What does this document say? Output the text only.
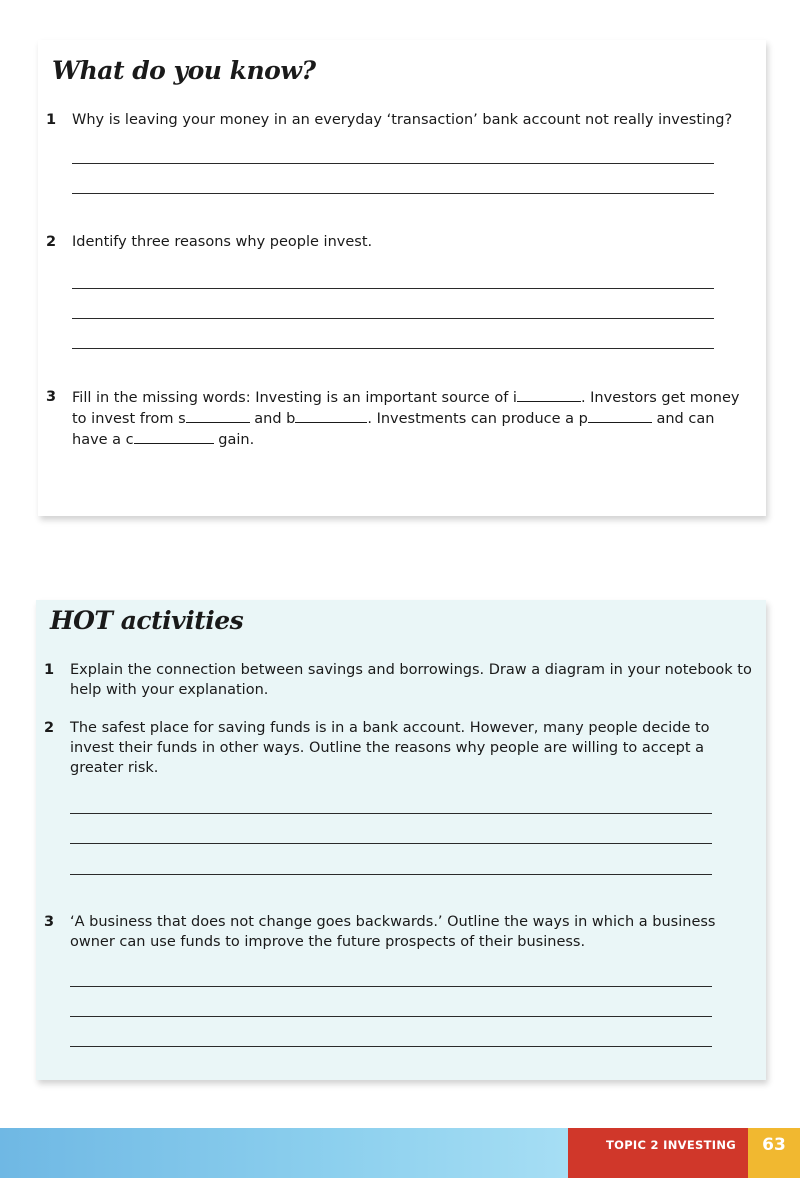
What do you know?
1 Why is leaving your money in an everyday ‘transaction’ bank account not really investing?
2 Identify three reasons why people invest.
3 Fill in the missing words: Investing is an important source of i	. Investors get money to invest from s	and b	. Investments can produce a p	and can have a c	gain.
HOT activities
1 Explain the connection between savings and borrowings. Draw a diagram in your notebook to help with your explanation.
2 The safest place for saving funds is in a bank account. However, many people decide to invest their funds in other ways. Outline the reasons why people are willing to accept a greater risk.
3 ‘A business that does not change goes backwards.’ Outline the ways in which a business owner can use funds to improve the future prospects of their business.
TOPIC 2 INVESTING	63
